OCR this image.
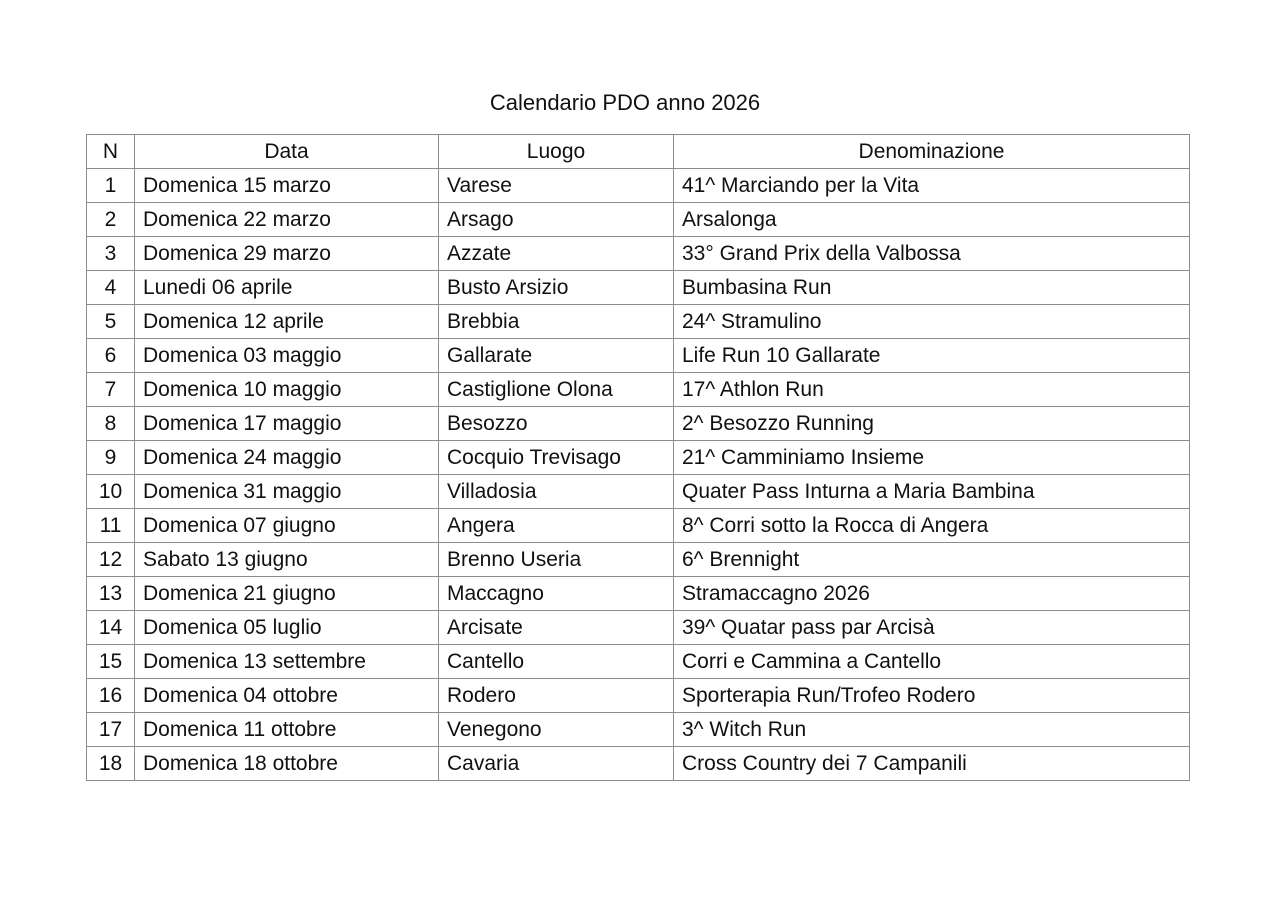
Calendario PDO anno 2026
N	Data	Luogo	Denominazione
1	Domenica 15 marzo	Varese	41^ Marciando per la Vita
2	Domenica 22 marzo	Arsago	Arsalonga
3	Domenica 29 marzo	Azzate	33° Grand Prix della Valbossa
4	Lunedi 06 aprile	Busto Arsizio	Bumbasina Run
5	Domenica 12 aprile	Brebbia	24^ Stramulino
6	Domenica 03 maggio	Gallarate	Life Run 10 Gallarate
7	Domenica 10 maggio	Castiglione Olona	17^ Athlon Run
8	Domenica 17 maggio	Besozzo	2^ Besozzo Running
9	Domenica 24 maggio	Cocquio Trevisago	21^ Camminiamo Insieme
10	Domenica 31 maggio	Villadosia	Quater Pass Inturna a Maria Bambina
11	Domenica 07 giugno	Angera	8^ Corri sotto la Rocca di Angera
12	Sabato 13 giugno	Brenno Useria	6^ Brennight
13	Domenica 21 giugno	Maccagno	Stramaccagno 2026
14	Domenica 05 luglio	Arcisate	39^ Quatar pass par Arcisà
15	Domenica 13 settembre	Cantello	Corri e Cammina a Cantello
16	Domenica 04 ottobre	Rodero	Sporterapia Run/Trofeo Rodero
17	Domenica 11 ottobre	Venegono	3^ Witch Run
18	Domenica 18 ottobre	Cavaria	Cross Country dei 7 Campanili
